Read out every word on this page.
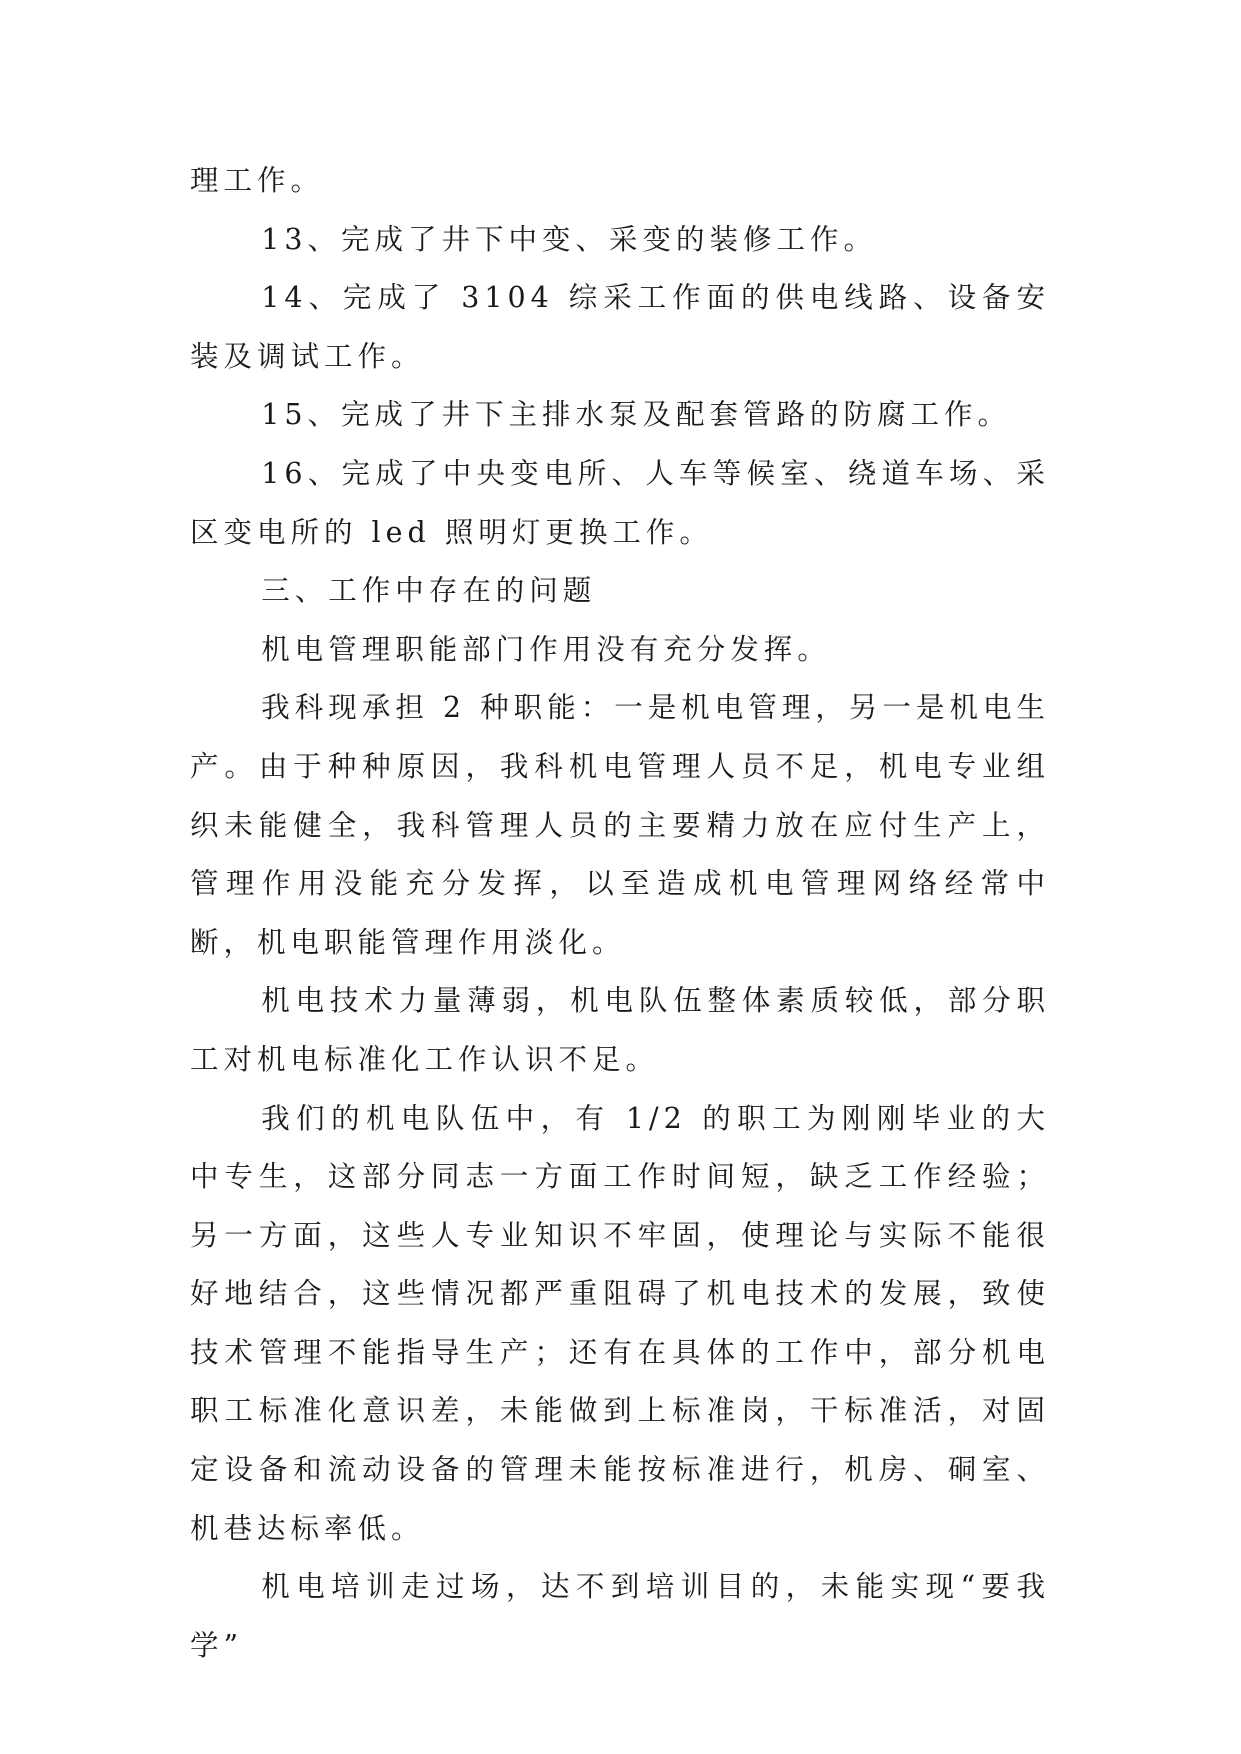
理工作。

13、完成了井下中变、采变的装修工作。

14、完成了 3104 综采工作面的供电线路、设备安装及调试工作。

15、完成了井下主排水泵及配套管路的防腐工作。

16、完成了中央变电所、人车等候室、绕道车场、采区变电所的 led 照明灯更换工作。

三、工作中存在的问题

机电管理职能部门作用没有充分发挥。

我科现承担 2 种职能：一是机电管理，另一是机电生产。由于种种原因，我科机电管理人员不足，机电专业组织未能健全，我科管理人员的主要精力放在应付生产上，管理作用没能充分发挥，以至造成机电管理网络经常中断，机电职能管理作用淡化。

机电技术力量薄弱，机电队伍整体素质较低，部分职工对机电标准化工作认识不足。

我们的机电队伍中，有 1/2 的职工为刚刚毕业的大中专生，这部分同志一方面工作时间短，缺乏工作经验；另一方面，这些人专业知识不牢固，使理论与实际不能很好地结合，这些情况都严重阻碍了机电技术的发展，致使技术管理不能指导生产；还有在具体的工作中，部分机电职工标准化意识差，未能做到上标准岗，干标准活，对固定设备和流动设备的管理未能按标准进行，机房、硐室、机巷达标率低。

机电培训走过场，达不到培训目的，未能实现“要我学”
